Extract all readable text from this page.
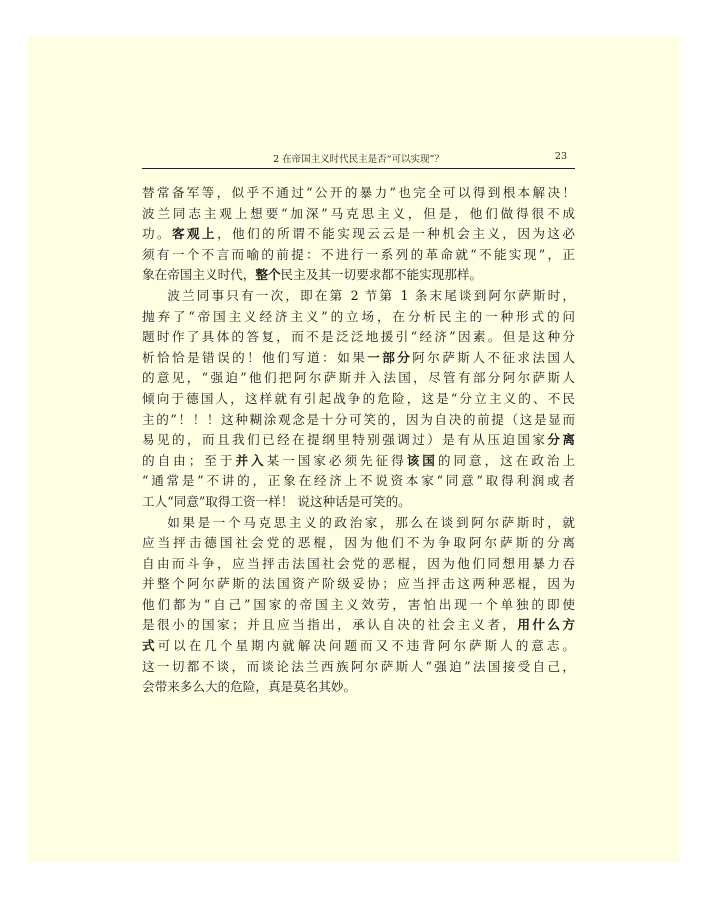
2 在帝国主义时代民主是否“可以实现”？	23
替常备军等，似乎不通过“公开的暴力”也完全可以得到根本解决！
波兰同志主观上想要“加深”马克思主义，但是，他们做得很不成
功。客观上，他们的所谓不能实现云云是一种机会主义，因为这必
须有一个不言而喻的前提：不进行一系列的革命就“不能实现”，正
象在帝国主义时代，整个民主及其一切要求都不能实现那样。
波兰同事只有一次，即在第 2 节第 1 条末尾谈到阿尔萨斯时，
抛弃了“帝国主义经济主义”的立场，在分析民主的一种形式的问
题时作了具体的答复，而不是泛泛地援引“经济”因素。但是这种分
析恰恰是错误的！他们写道：如果一部分阿尔萨斯人不征求法国人
的意见，“强迫”他们把阿尔萨斯并入法国，尽管有部分阿尔萨斯人
倾向于德国人，这样就有引起战争的危险，这是“分立主义的、不民
主的”！！！这种糊涂观念是十分可笑的，因为自决的前提（这是显而
易见的，而且我们已经在提纲里特别强调过）是有从压迫国家分离
的自由；至于并入某一国家必须先征得该国的同意，这在政治上
“通常是”不讲的，正象在经济上不说资本家“同意”取得利润或者
工人“同意”取得工资一样！ 说这种话是可笑的。
如果是一个马克思主义的政治家，那么在谈到阿尔萨斯时，就
应当抨击德国社会党的恶棍，因为他们不为争取阿尔萨斯的分离
自由而斗争，应当抨击法国社会党的恶棍，因为他们同想用暴力吞
并整个阿尔萨斯的法国资产阶级妥协；应当抨击这两种恶棍，因为
他们都为“自己”国家的帝国主义效劳，害怕出现一个单独的即使
是很小的国家；并且应当指出，承认自决的社会主义者，用什么方
式可以在几个星期内就解决问题而又不违背阿尔萨斯人的意志。
这一切都不谈，而谈论法兰西族阿尔萨斯人“强迫”法国接受自己，
会带来多么大的危险，真是莫名其妙。
